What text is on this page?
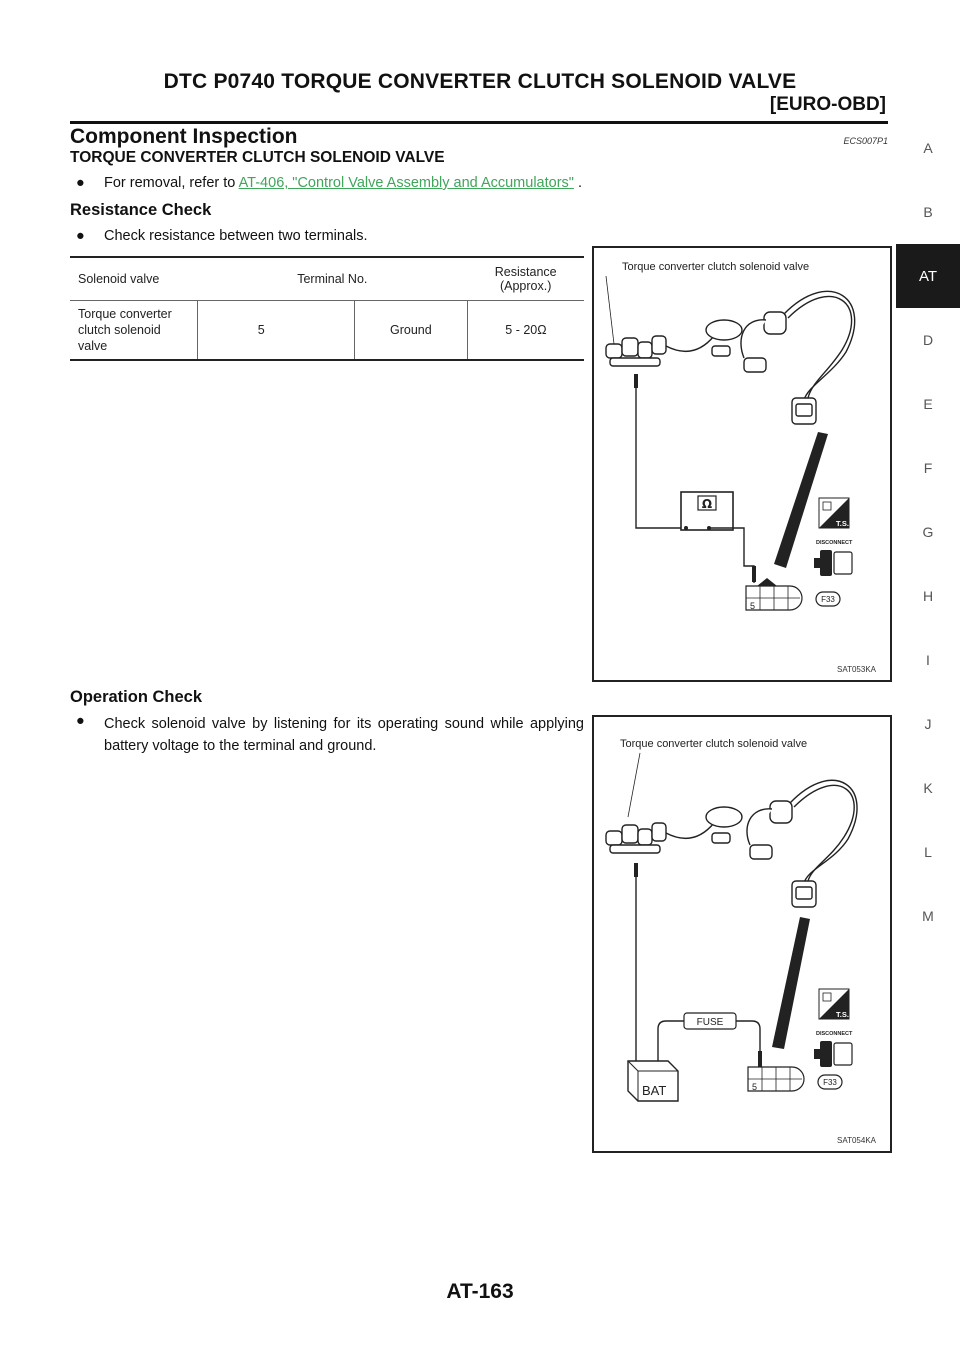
DTC P0740 TORQUE CONVERTER CLUTCH SOLENOID VALVE
[EURO-OBD]
A
B
AT
D
E
F
G
H
I
J
K
L
M
Component Inspection	ECS007P1
TORQUE CONVERTER CLUTCH SOLENOID VALVE
● For removal, refer to AT-406, "Control Valve Assembly and Accumulators" .
Resistance Check
● Check resistance between two terminals.
Solenoid valve	Terminal No.		Resistance
(Approx.)
Torque converter clutch solenoid valve	5	Ground	5 - 20Ω
Torque converter clutch solenoid valve
Ω
T.S.
DISCONNECT
5
F33
SAT053KA
Operation Check
● Check solenoid valve by listening for its operating sound while applying battery voltage to the terminal and ground.	Torque converter clutch solenoid valve
BAT
FUSE
T.S.
DISCONNECT
5	F33
SAT054KA
AT-163
